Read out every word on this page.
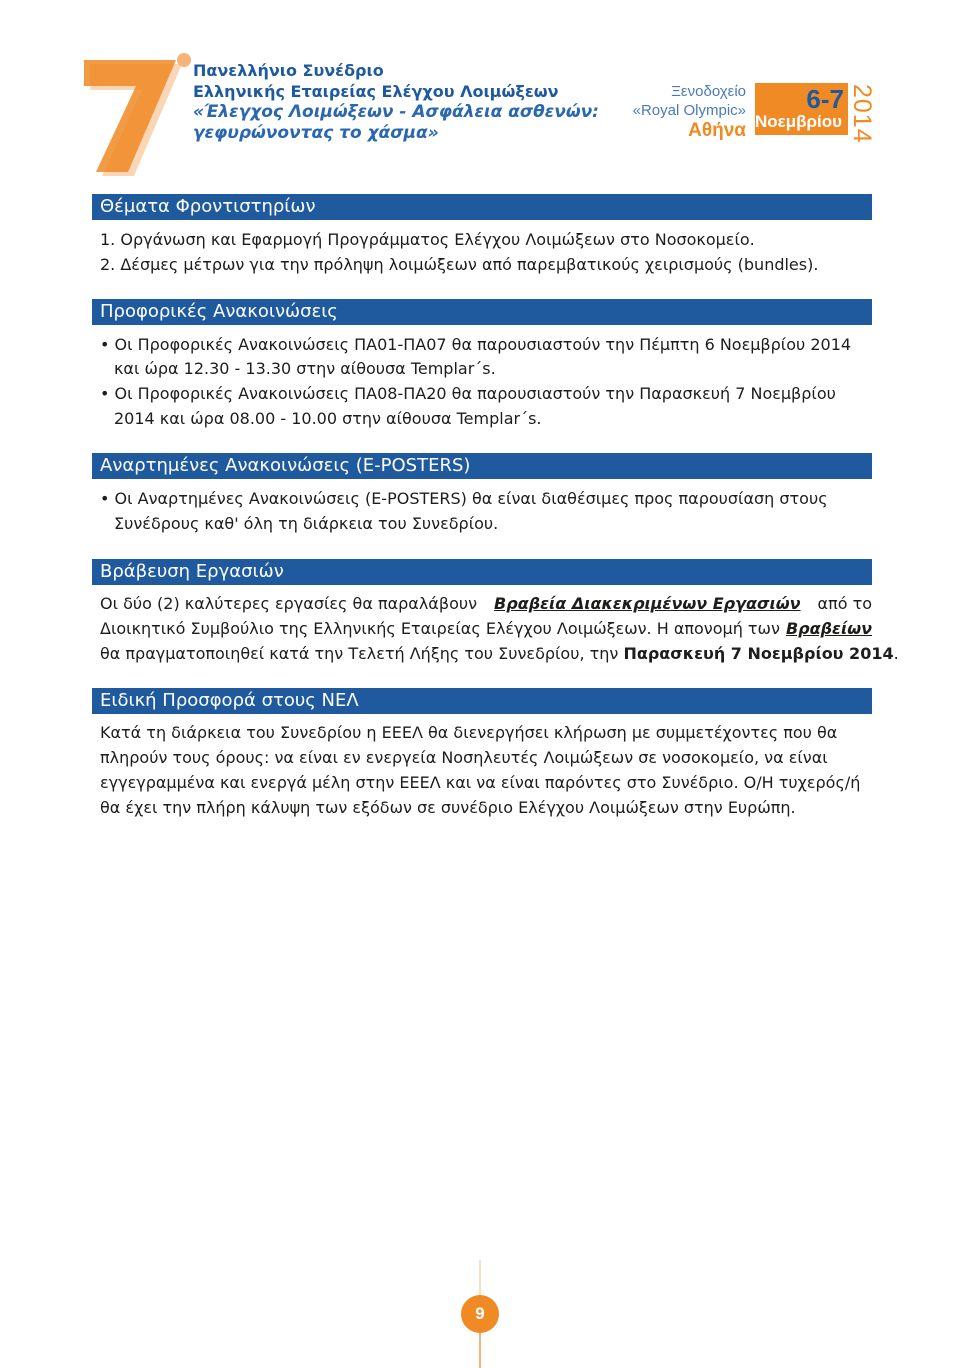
Πανελλήνιο Συνέδριο
Ελληνικής Εταιρείας Ελέγχου Λοιμώξεων
«Έλεγχος Λοιμώξεων - Ασφάλεια ασθενών:
γεφυρώνοντας το χάσμα»
Ξενοδοχείο
«Royal Olympic»
Αθήνα
6-7
Νοεμβρίου 2014
Θέματα Φροντιστηρίων
1. Οργάνωση και Εφαρμογή Προγράμματος Ελέγχου Λοιμώξεων στο Νοσοκομείο.
2. Δέσμες μέτρων για την πρόληψη λοιμώξεων από παρεμβατικούς χειρισμούς (bundles).
Προφορικές Ανακοινώσεις
• Οι Προφορικές Ανακοινώσεις ΠΑ01-ΠΑ07 θα παρουσιαστούν την Πέμπτη 6 Νοεμβρίου 2014
και ώρα 12.30 - 13.30 στην αίθουσα Templar΄s.
• Οι Προφορικές Ανακοινώσεις ΠΑ08-ΠΑ20 θα παρουσιαστούν την Παρασκευή 7 Νοεμβρίου
2014 και ώρα 08.00 - 10.00 στην αίθουσα Templar΄s.
Αναρτημένες Ανακοινώσεις (E-POSTERS)
• Οι Αναρτημένες Ανακοινώσεις (E-POSTERS) θα είναι διαθέσιμες προς παρουσίαση στους
Συνέδρους καθ' όλη τη διάρκεια του Συνεδρίου.
Βράβευση Εργασιών
Οι δύο (2) καλύτερες εργασίες θα παραλάβουν Βραβεία Διακεκριμένων Εργασιών από το
Διοικητικό Συμβούλιο της Ελληνικής Εταιρείας Ελέγχου Λοιμώξεων. Η απονομή των Βραβείων
θα πραγματοποιηθεί κατά την Τελετή Λήξης του Συνεδρίου, την Παρασκευή 7 Νοεμβρίου 2014.
Ειδική Προσφορά στους ΝΕΛ
Κατά τη διάρκεια του Συνεδρίου η ΕΕΕΛ θα διενεργήσει κλήρωση με συμμετέχοντες που θα
πληρούν τους όρους: να είναι εν ενεργεία Νοσηλευτές Λοιμώξεων σε νοσοκομείο, να είναι
εγγεγραμμένα και ενεργά μέλη στην ΕΕΕΛ και να είναι παρόντες στο Συνέδριο. Ο/Η τυχερός/ή
θα έχει την πλήρη κάλυψη των εξόδων σε συνέδριο Ελέγχου Λοιμώξεων στην Ευρώπη.
9
